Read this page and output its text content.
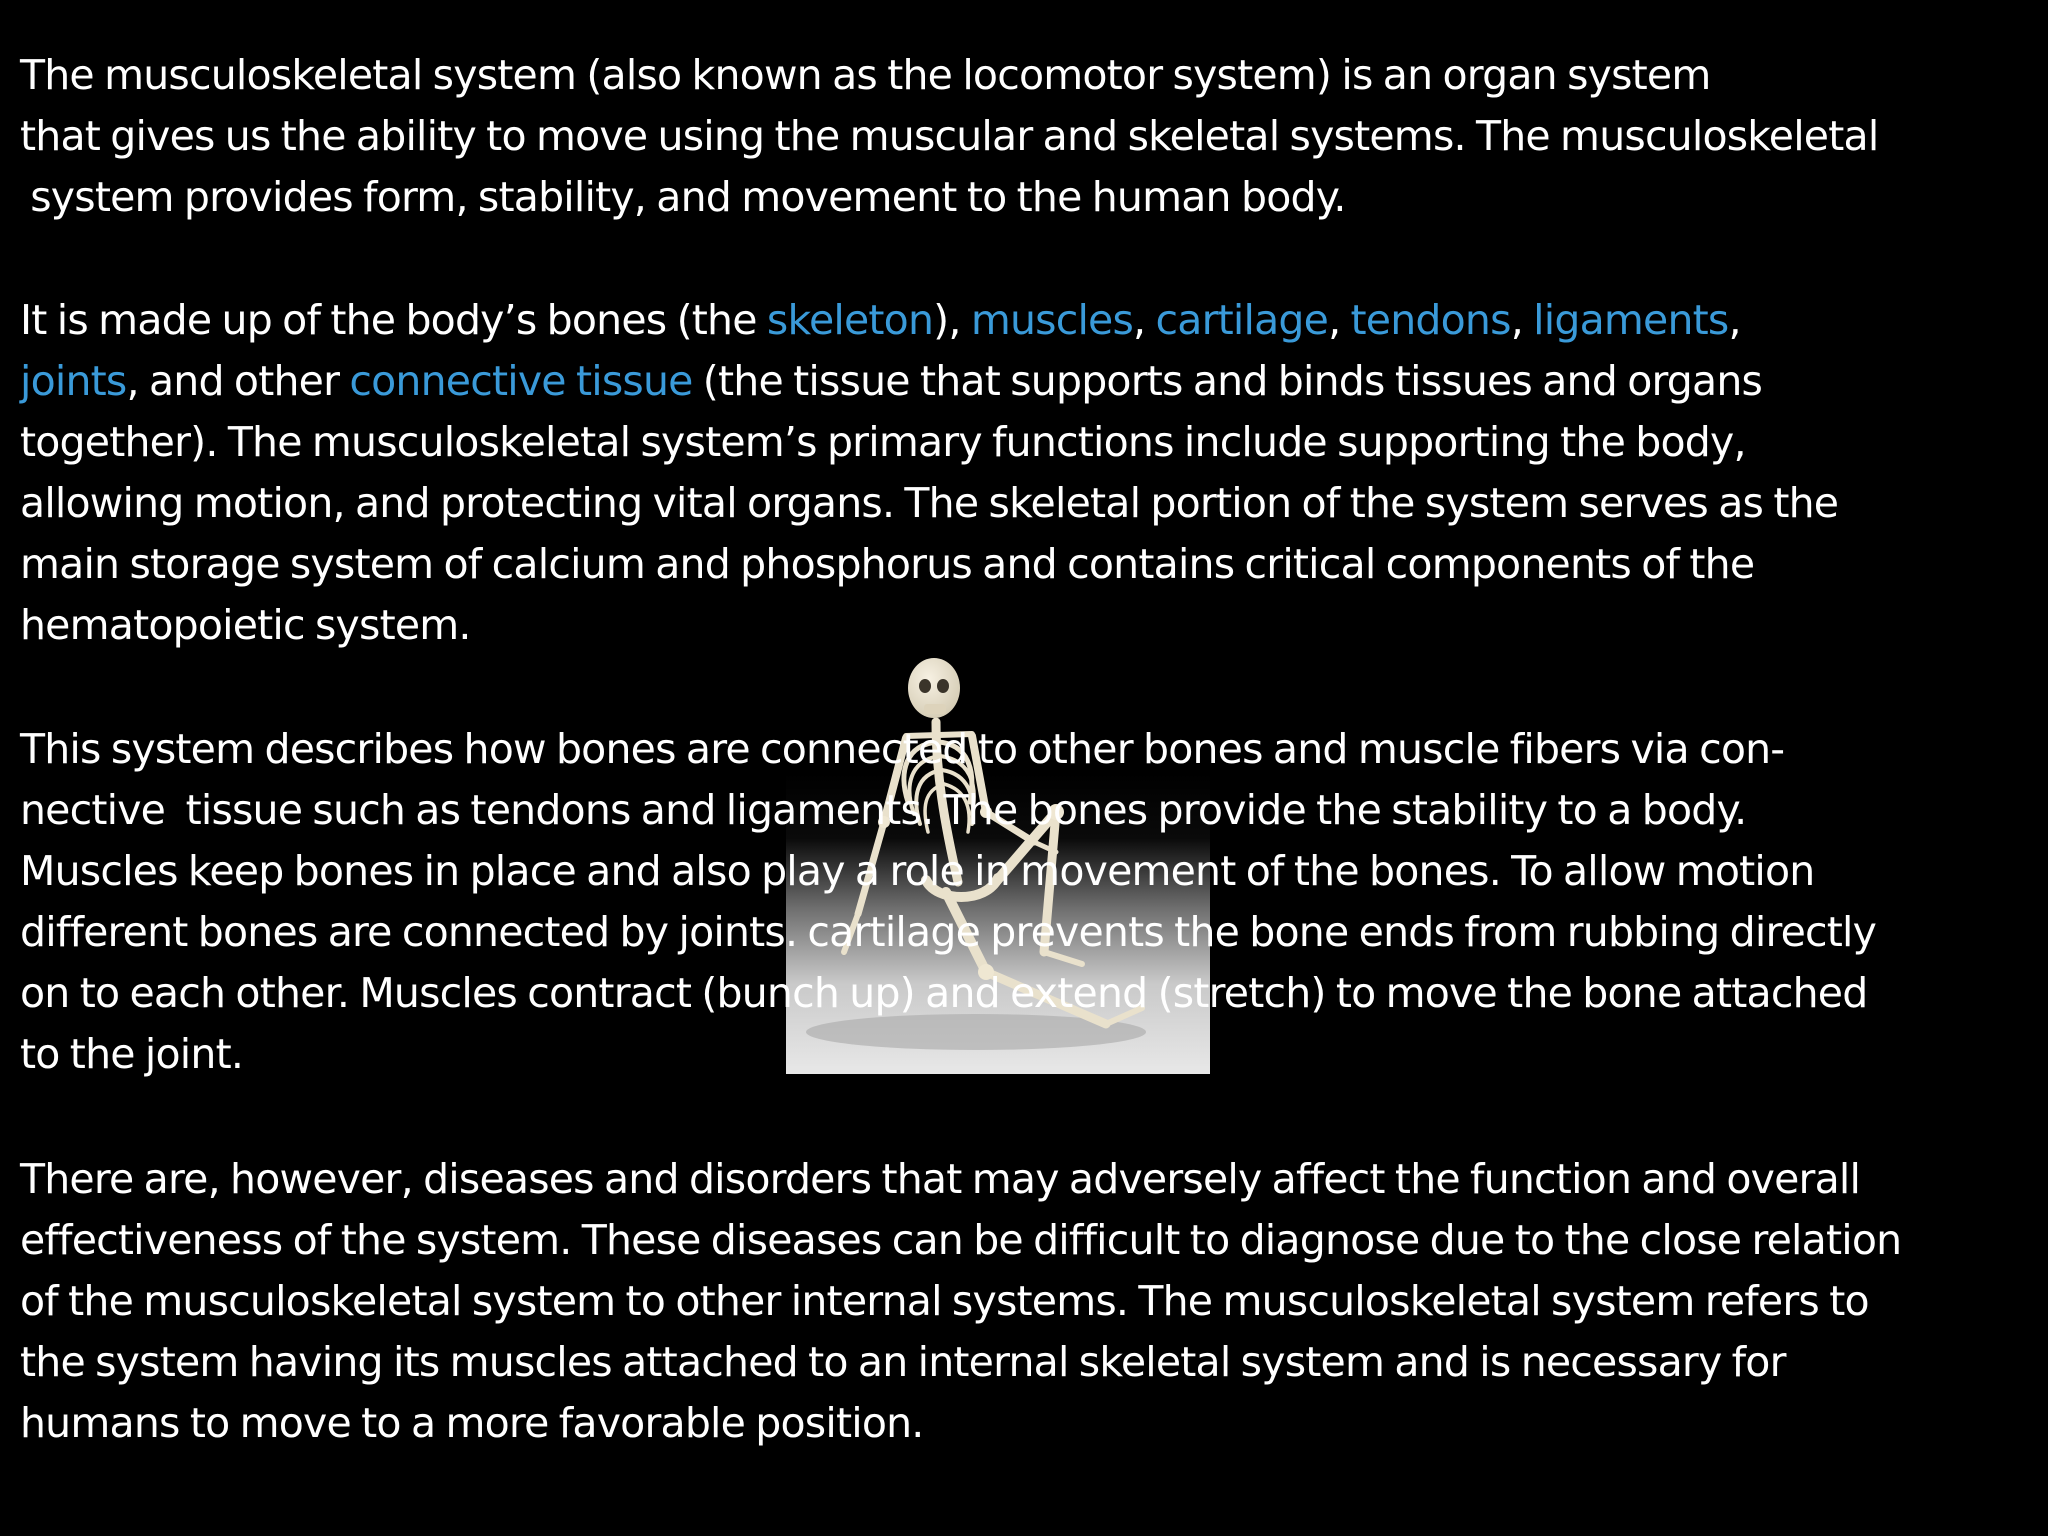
The musculoskeletal system (also known as the locomotor system) is an organ system

that gives us the ability to move using the muscular and skeletal systems. The musculoskeletal

system provides form, stability, and movement to the human body.

It is made up of the body’s bones (the skeleton), muscles, cartilage, tendons, ligaments,

joints, and other connective tissue (the tissue that supports and binds tissues and organs

together). The musculoskeletal system’s primary functions include supporting the body,

allowing motion, and protecting vital organs. The skeletal portion of the system serves as the

main storage system of calcium and phosphorus and contains critical components of the

hematopoietic system.

This system describes how bones are connected to other bones and muscle fibers via con-

nective  tissue such as tendons and ligaments. The bones provide the stability to a body.

Muscles keep bones in place and also play a role in movement of the bones. To allow motion

different bones are connected by joints. cartilage prevents the bone ends from rubbing directly

on to each other. Muscles contract (bunch up) and extend (stretch) to move the bone attached

to the joint.

There are, however, diseases and disorders that may adversely affect the function and overall

effectiveness of the system. These diseases can be difficult to diagnose due to the close relation

of the musculoskeletal system to other internal systems. The musculoskeletal system refers to

the system having its muscles attached to an internal skeletal system and is necessary for

humans to move to a more favorable position.
